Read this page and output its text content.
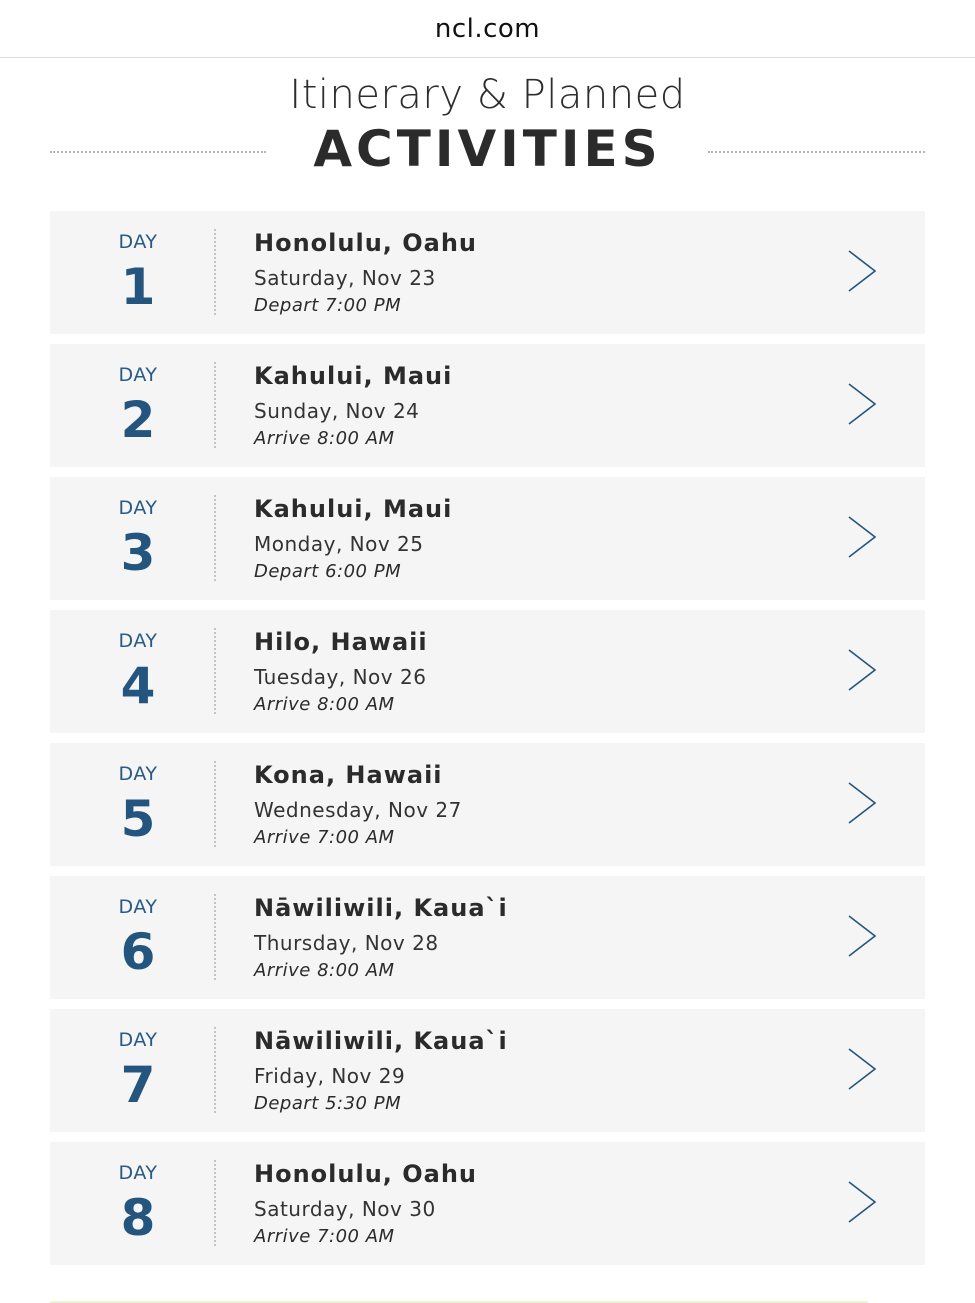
ncl.com
Itinerary & Planned
ACTIVITIES
DAY
1
Honolulu, Oahu
Saturday, Nov 23
Depart 7:00 PM
DAY
2
Kahului, Maui
Sunday, Nov 24
Arrive 8:00 AM
DAY
3
Kahului, Maui
Monday, Nov 25
Depart 6:00 PM
DAY
4
Hilo, Hawaii
Tuesday, Nov 26
Arrive 8:00 AM
DAY
5
Kona, Hawaii
Wednesday, Nov 27
Arrive 7:00 AM
DAY
6
Nāwiliwili, Kaua`i
Thursday, Nov 28
Arrive 8:00 AM
DAY
7
Nāwiliwili, Kaua`i
Friday, Nov 29
Depart 5:30 PM
DAY
8
Honolulu, Oahu
Saturday, Nov 30
Arrive 7:00 AM
